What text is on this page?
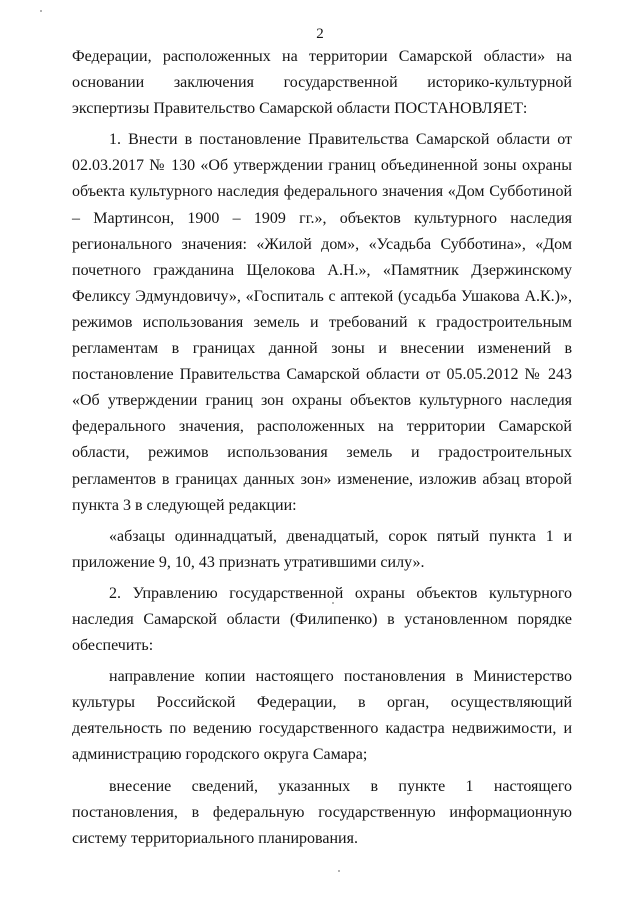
2

Федерации, расположенных на территории Самарской области» на основании заключения государственной историко-культурной экспертизы Правительство Самарской области ПОСТАНОВЛЯЕТ:

1. Внести в постановление Правительства Самарской области от 02.03.2017 № 130 «Об утверждении границ объединенной зоны охраны объекта культурного наследия федерального значения «Дом Субботиной – Мартинсон, 1900 – 1909 гг.», объектов культурного наследия регионального значения: «Жилой дом», «Усадьба Субботина», «Дом почетного гражданина Щелокова А.Н.», «Памятник Дзержинскому Феликсу Эдмундовичу», «Госпиталь с аптекой (усадьба Ушакова А.К.)», режимов использования земель и требований к градостроительным регламентам в границах данной зоны и внесении изменений в постановление Правительства Самарской области от 05.05.2012 № 243 «Об утверждении границ зон охраны объектов культурного наследия федерального значения, расположенных на территории Самарской области, режимов использования земель и градостроительных регламентов в границах данных зон» изменение, изложив абзац второй пункта 3 в следующей редакции:

«абзацы одиннадцатый, двенадцатый, сорок пятый пункта 1 и приложение 9, 10, 43 признать утратившими силу».

2. Управлению государственной охраны объектов культурного наследия Самарской области (Филипенко) в установленном порядке обеспечить:

направление копии настоящего постановления в Министерство культуры Российской Федерации, в орган, осуществляющий деятельность по ведению государственного кадастра недвижимости, и администрацию городского округа Самара;

внесение сведений, указанных в пункте 1 настоящего постановления, в федеральную государственную информационную систему территориального планирования.
